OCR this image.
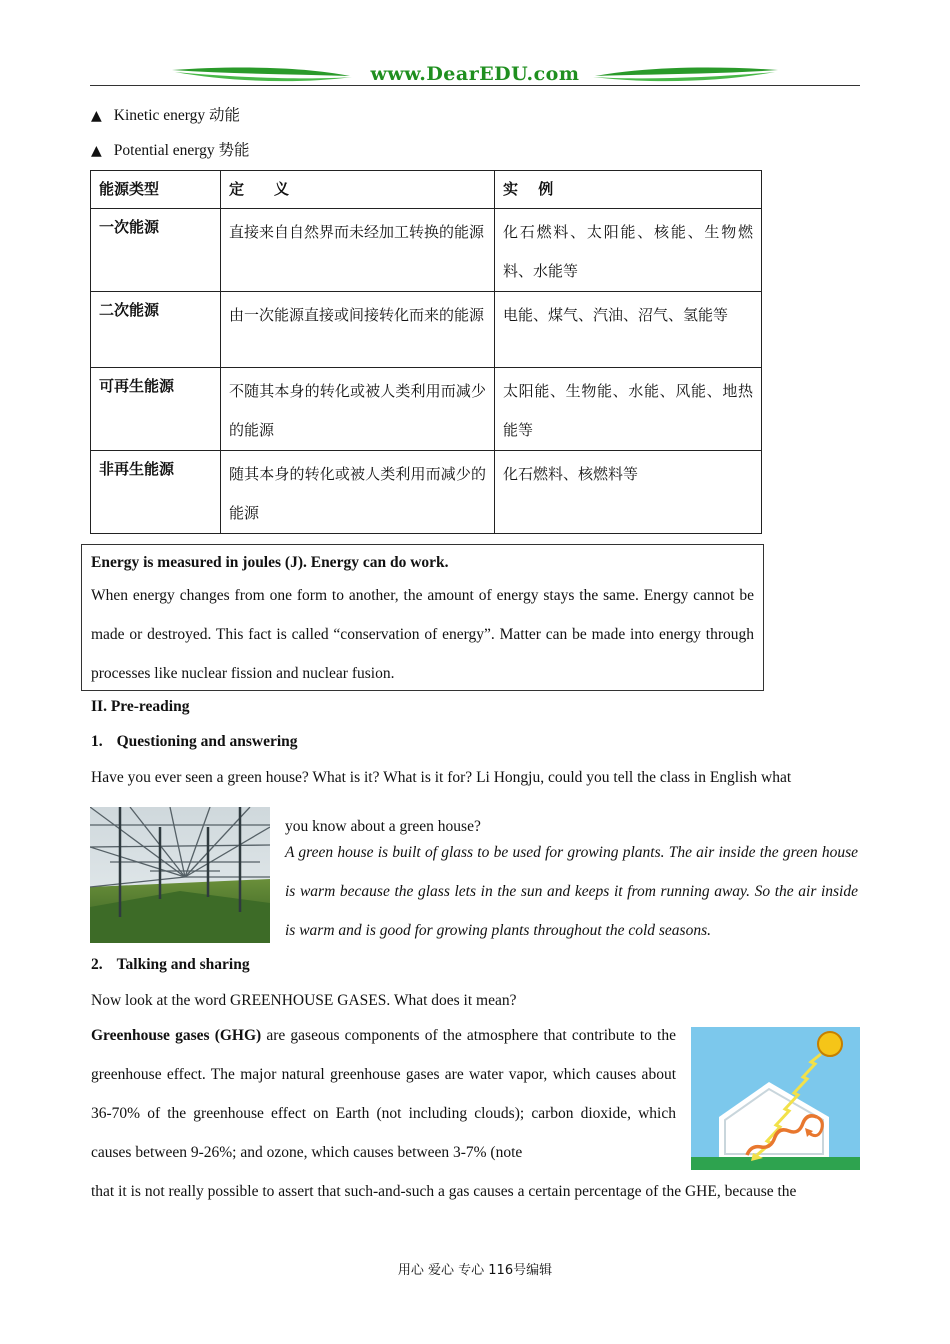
www.DearEDU.com
▲ Kinetic energy 动能
▲ Potential energy 势能
能源类型	定　　义	实　 例
一次能源	直接来自自然界而未经加工转换的能源	化石燃料、太阳能、核能、生物燃料、水能等
二次能源	由一次能源直接或间接转化而来的能源	电能、煤气、汽油、沼气、氢能等
可再生能源	不随其本身的转化或被人类利用而减少的能源	太阳能、生物能、水能、风能、地热能等
非再生能源	随其本身的转化或被人类利用而减少的能源	化石燃料、核燃料等

Energy is measured in joules (J). Energy can do work.

When energy changes from one form to another, the amount of energy stays the same. Energy cannot be made or destroyed. This fact is called “conservation of energy”. Matter can be made into energy through processes like nuclear fission and nuclear fusion.

II. Pre-reading
1. Questioning and answering
Have you ever seen a green house? What is it? What is it for? Li Hongju, could you tell the class in English what
you know about a green house?
A green house is built of glass to be used for growing plants. The air inside the green house is warm because the glass lets in the sun and keeps it from running away. So the air inside is warm and is good for growing plants throughout the cold seasons.
2. Talking and sharing
Now look at the word GREENHOUSE GASES. What does it mean?
Greenhouse gases (GHG) are gaseous components of the atmosphere that contribute to the greenhouse effect. The major natural greenhouse gases are water vapor, which causes about 36-70% of the greenhouse effect on Earth (not including clouds); carbon dioxide, which causes between 9-26%; and ozone, which causes between 3-7% (note
that it is not really possible to assert that such-and-such a gas causes a certain percentage of the GHE, because the
用心 爱心 专心 116号编辑
